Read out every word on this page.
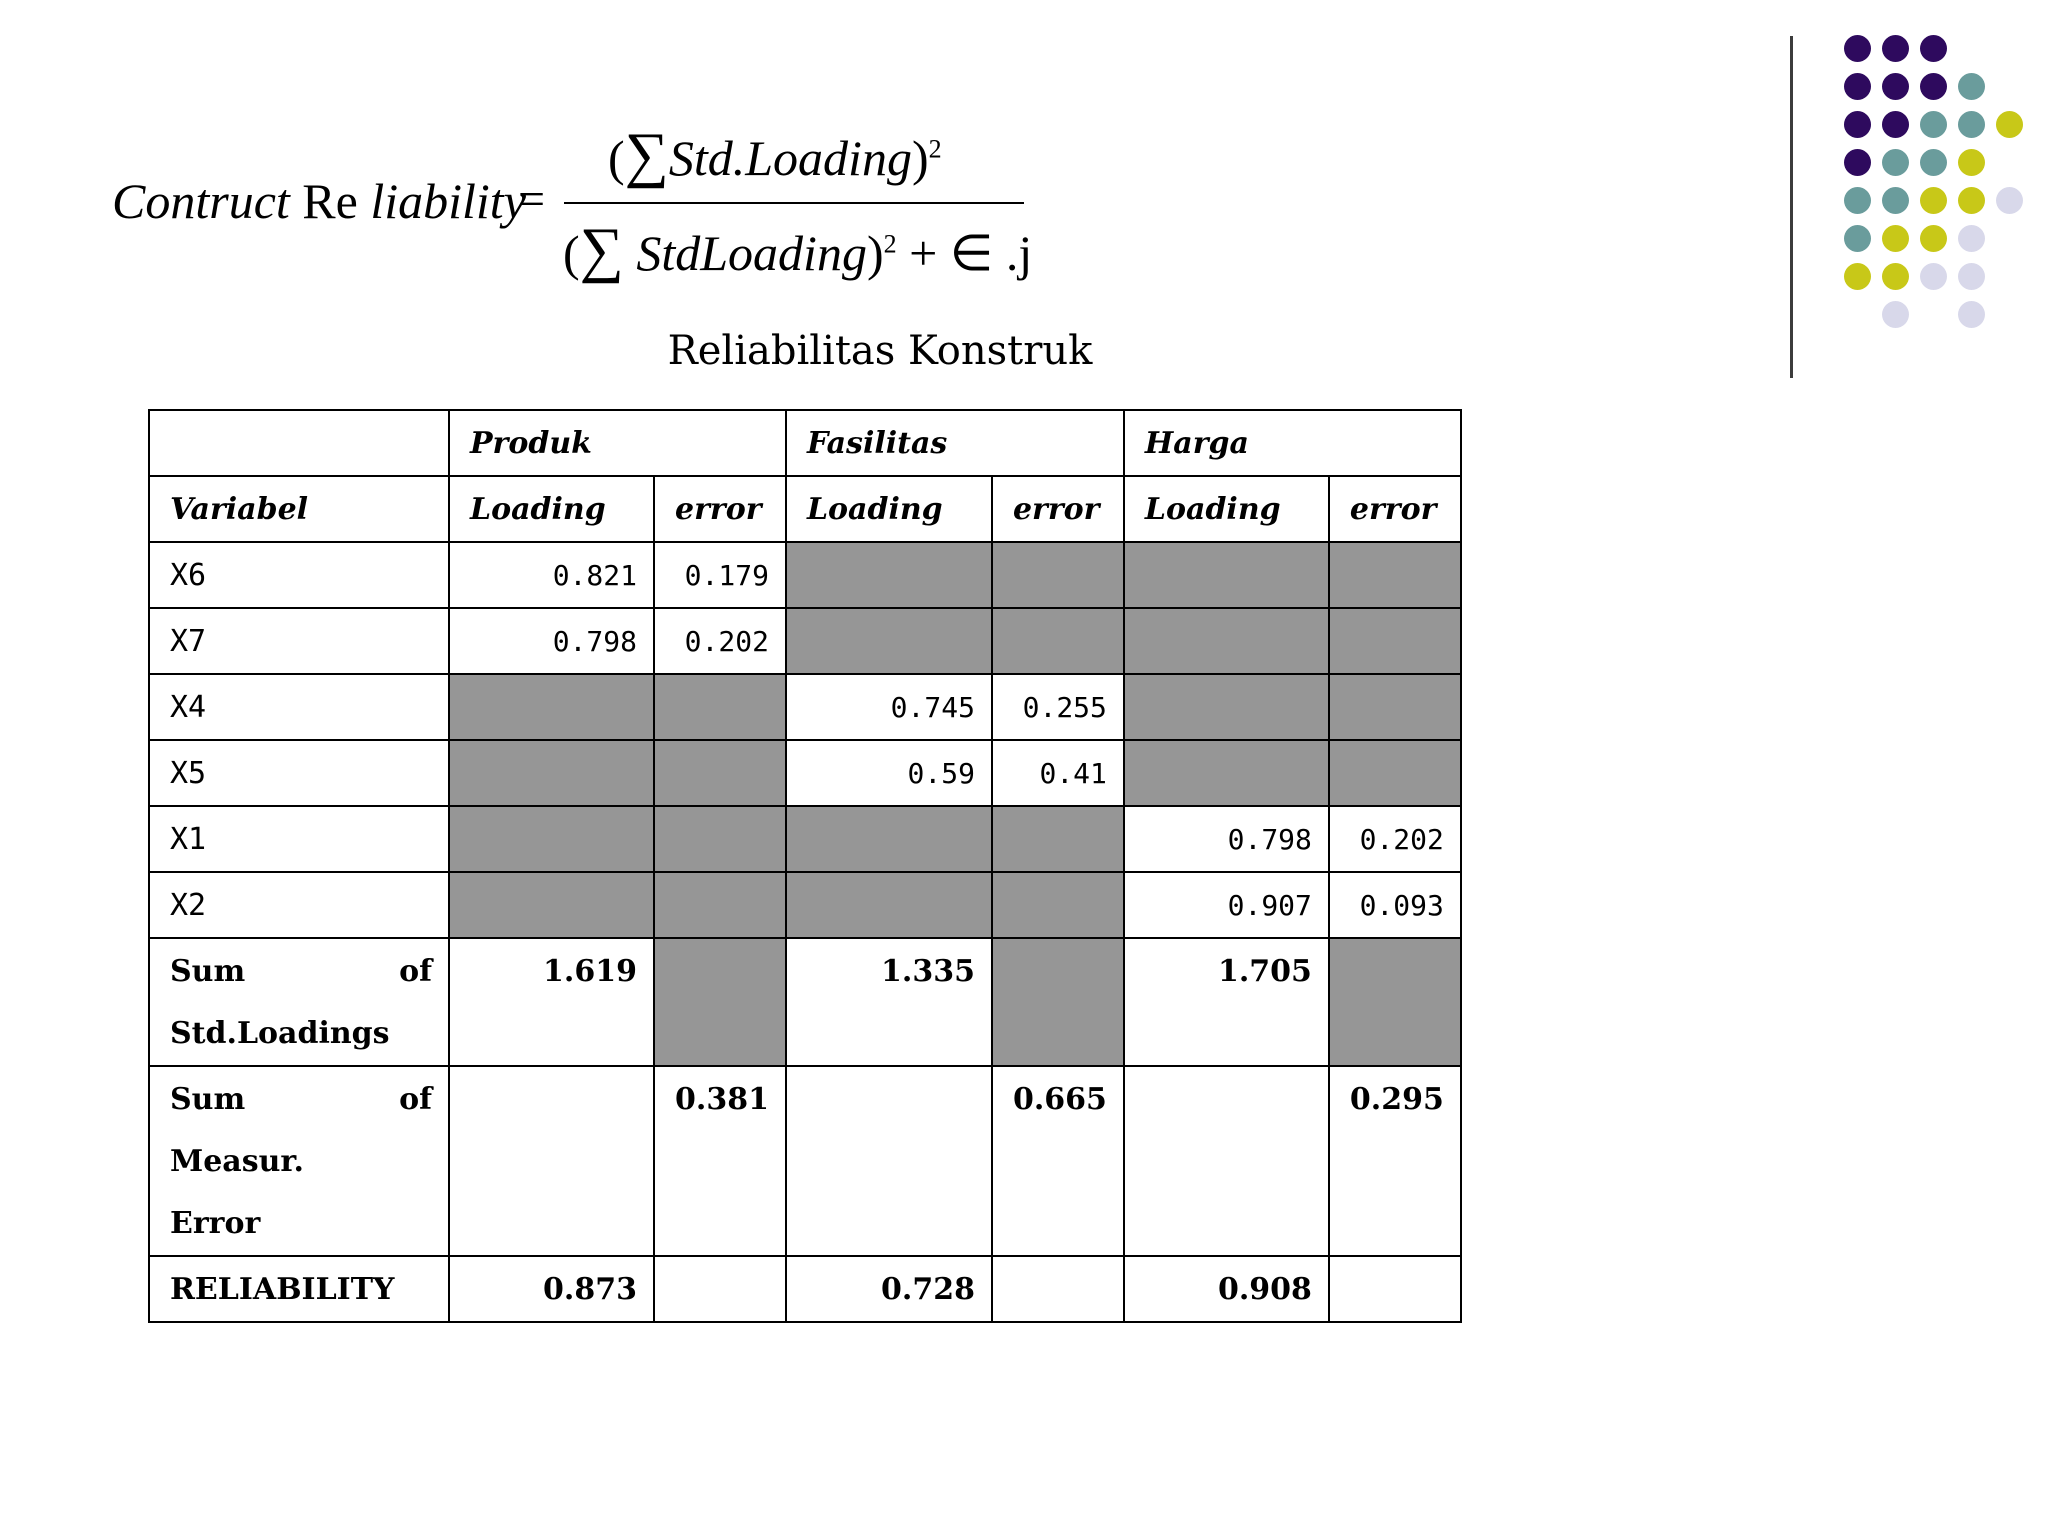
Contruct Re liability
=
(∑Std.Loading)$^2$
(∑ StdLoading)$^2$ + ∈ .j
Reliabilitas Konstruk
	Produk		Fasilitas		Harga	
Variabel	Loading	error	Loading	error	Loading	error
X6	0.821	0.179				
X7	0.798	0.202				
X4			0.745	0.255		
X5			0.59	0.41		
X1					0.798	0.202
X2					0.907	0.093

Sum of
Std.Loadings	1.619		1.335		1.705	

Sum of Measur.
Error		0.381		0.665		0.295
RELIABILITY	0.873		0.728		0.908	
